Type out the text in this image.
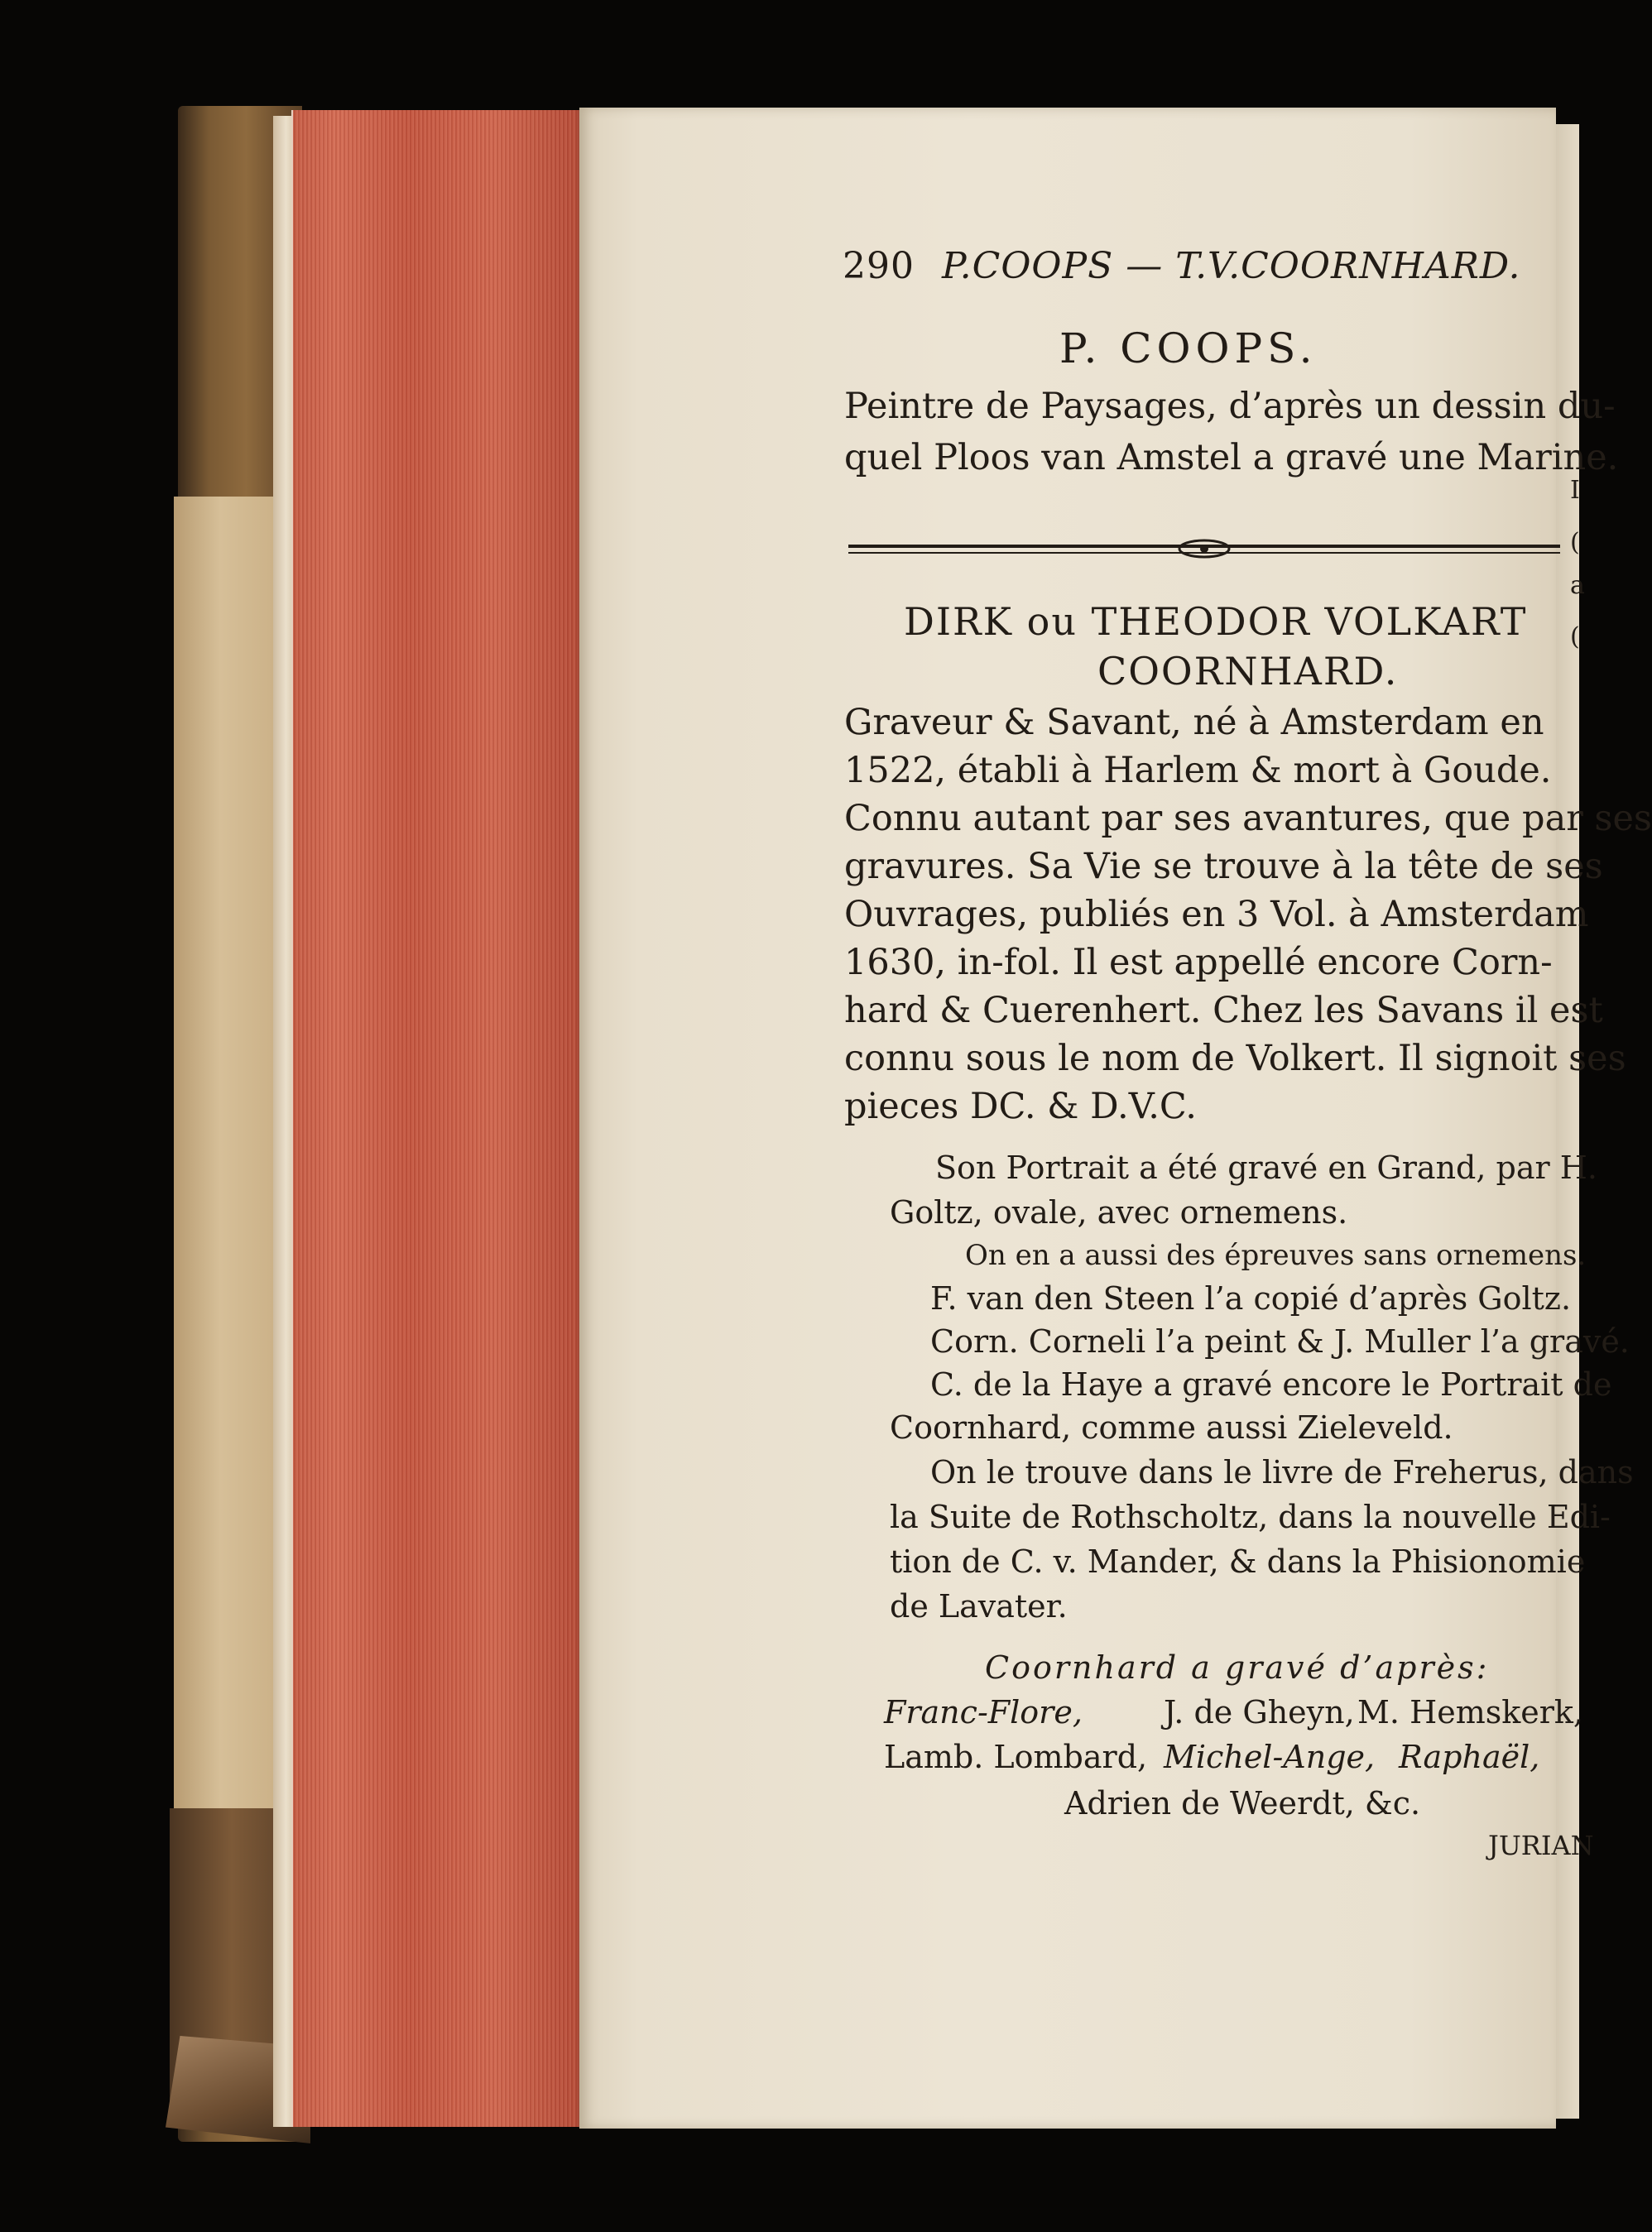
I
(
a
(
290 P.COOPS — T.V.COORNHARD.
P. COOPS.
Peintre de Paysages, d’après un dessin du-
quel Ploos van Amstel a gravé une Marine.
DIRK ou THEODOR VOLKART
COORNHARD.
Graveur & Savant, né à Amsterdam en
1522, établi à Harlem & mort à Goude.
Connu autant par ses avantures, que par ses
gravures. Sa Vie se trouve à la tête de ses
Ouvrages, publiés en 3 Vol. à Amsterdam
1630, in-fol. Il est appellé encore Corn-
hard & Cuerenhert. Chez les Savans il est
connu sous le nom de Volkert. Il signoit ses
pieces DC. & D.V.C.
Son Portrait a été gravé en Grand, par H.
Goltz, ovale, avec ornemens.
On en a aussi des épreuves sans ornemens.
F. van den Steen l’a copié d’après Goltz.
Corn. Corneli l’a peint & J. Muller l’a gravé.
C. de la Haye a gravé encore le Portrait de
Coornhard, comme aussi Zieleveld.
On le trouve dans le livre de Freherus, dans
la Suite de Rothscholtz, dans la nouvelle Edi-
tion de C. v. Mander, & dans la Phisionomie
de Lavater.
Coornhard a gravé d’après:
Franc-Flore,	J. de Gheyn, M. Hemskerk,
Lamb. Lombard, Michel-Ange, Raphaël,
Adrien de Weerdt, &c.
JURIAN
